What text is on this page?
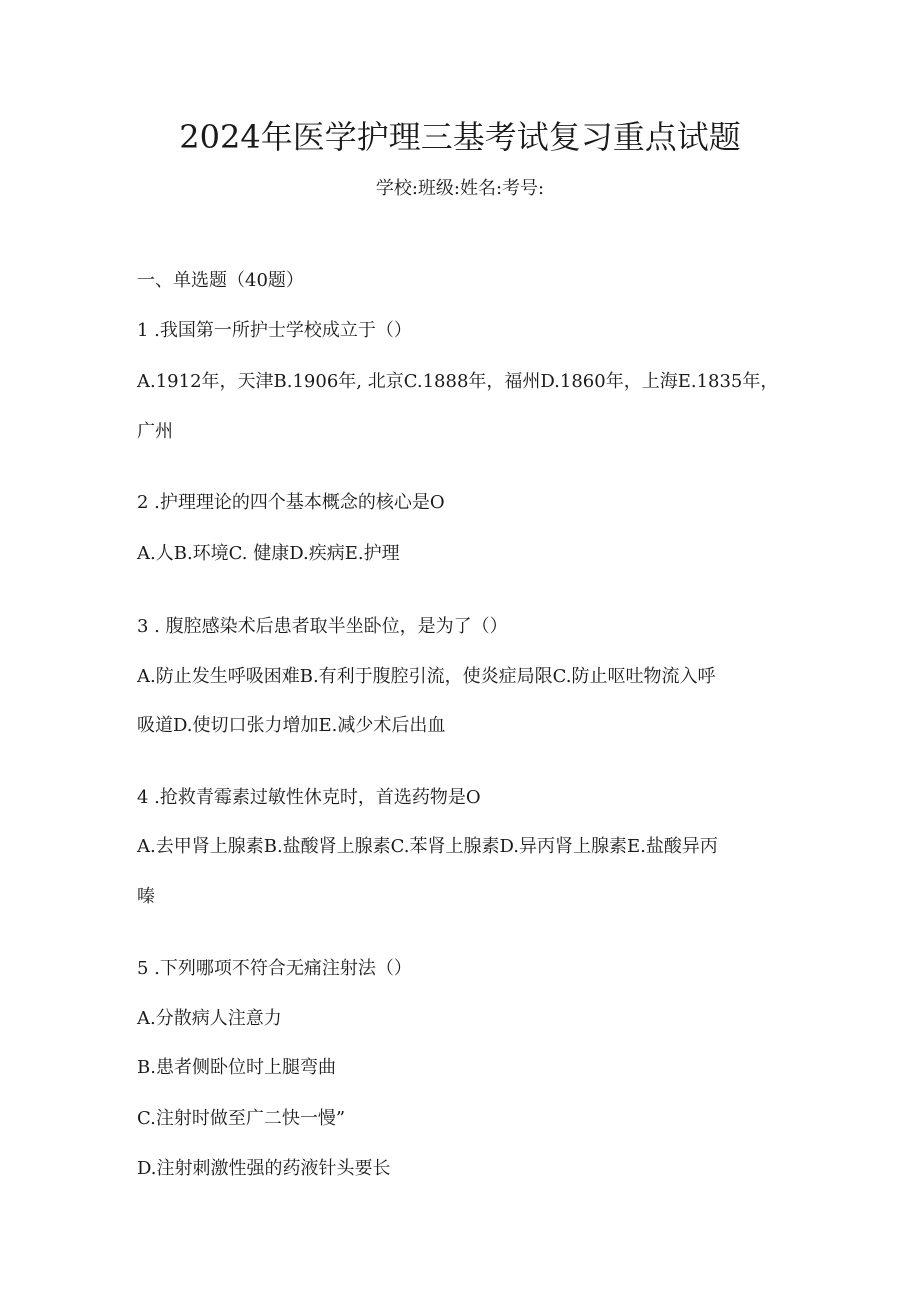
2024年医学护理三基考试复习重点试题

学校:班级:姓名:考号:

一、单选题（40题）

1 .我国第一所护士学校成立于（）

A.1912年，天津B.1906年, 北京C.1888年，福州D.1860年，上海E.1835年，

广州

2 .护理理论的四个基本概念的核心是O

A.人B.环境C. 健康D.疾病E.护理

3 . 腹腔感染术后患者取半坐卧位，是为了（）

A.防止发生呼吸困难B.有利于腹腔引流，使炎症局限C.防止呕吐物流入呼

吸道D.使切口张力增加E.减少术后出血

4 .抢救青霉素过敏性休克时，首选药物是O

A.去甲肾上腺素B.盐酸肾上腺素C.苯肾上腺素D.异丙肾上腺素E.盐酸异丙

嗪

5 .下列哪项不符合无痛注射法（）

A.分散病人注意力

B.患者侧卧位时上腿弯曲

C.注射时做至广二快一慢”

D.注射刺激性强的药液针头要长
